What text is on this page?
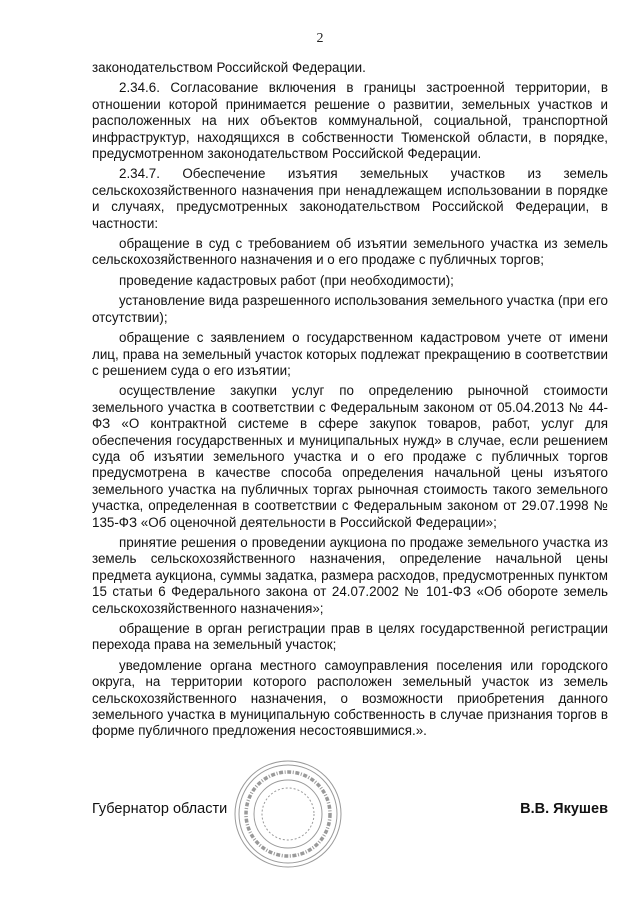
2

законодательством Российской Федерации.

2.34.6. Согласование включения в границы застроенной территории, в отношении которой принимается решение о развитии, земельных участков и расположенных на них объектов коммунальной, социальной, транспортной инфраструктур, находящихся в собственности Тюменской области, в порядке, предусмотренном законодательством Российской Федерации.

2.34.7. Обеспечение изъятия земельных участков из земель сельскохозяйственного назначения при ненадлежащем использовании в порядке и случаях, предусмотренных законодательством Российской Федерации, в частности:

обращение в суд с требованием об изъятии земельного участка из земель сельскохозяйственного назначения и о его продаже с публичных торгов;

проведение кадастровых работ (при необходимости);

установление вида разрешенного использования земельного участка (при его отсутствии);

обращение с заявлением о государственном кадастровом учете от имени лиц, права на земельный участок которых подлежат прекращению в соответствии с решением суда о его изъятии;

осуществление закупки услуг по определению рыночной стоимости земельного участка в соответствии с Федеральным законом от 05.04.2013 № 44-ФЗ «О контрактной системе в сфере закупок товаров, работ, услуг для обеспечения государственных и муниципальных нужд» в случае, если решением суда об изъятии земельного участка и о его продаже с публичных торгов предусмотрена в качестве способа определения начальной цены изъятого земельного участка на публичных торгах рыночная стоимость такого земельного участка, определенная в соответствии с Федеральным законом от 29.07.1998 № 135-ФЗ «Об оценочной деятельности в Российской Федерации»;

принятие решения о проведении аукциона по продаже земельного участка из земель сельскохозяйственного назначения, определение начальной цены предмета аукциона, суммы задатка, размера расходов, предусмотренных пунктом 15 статьи 6 Федерального закона от 24.07.2002 № 101-ФЗ «Об обороте земель сельскохозяйственного назначения»;

обращение в орган регистрации прав в целях государственной регистрации перехода права на земельный участок;

уведомление органа местного самоуправления поселения или городского округа, на территории которого расположен земельный участок из земель сельскохозяйственного назначения, о возможности приобретения данного земельного участка в муниципальную собственность в случае признания торгов в форме публичного предложения несостоявшимися.».

Губернатор области	В.В. Якушев
